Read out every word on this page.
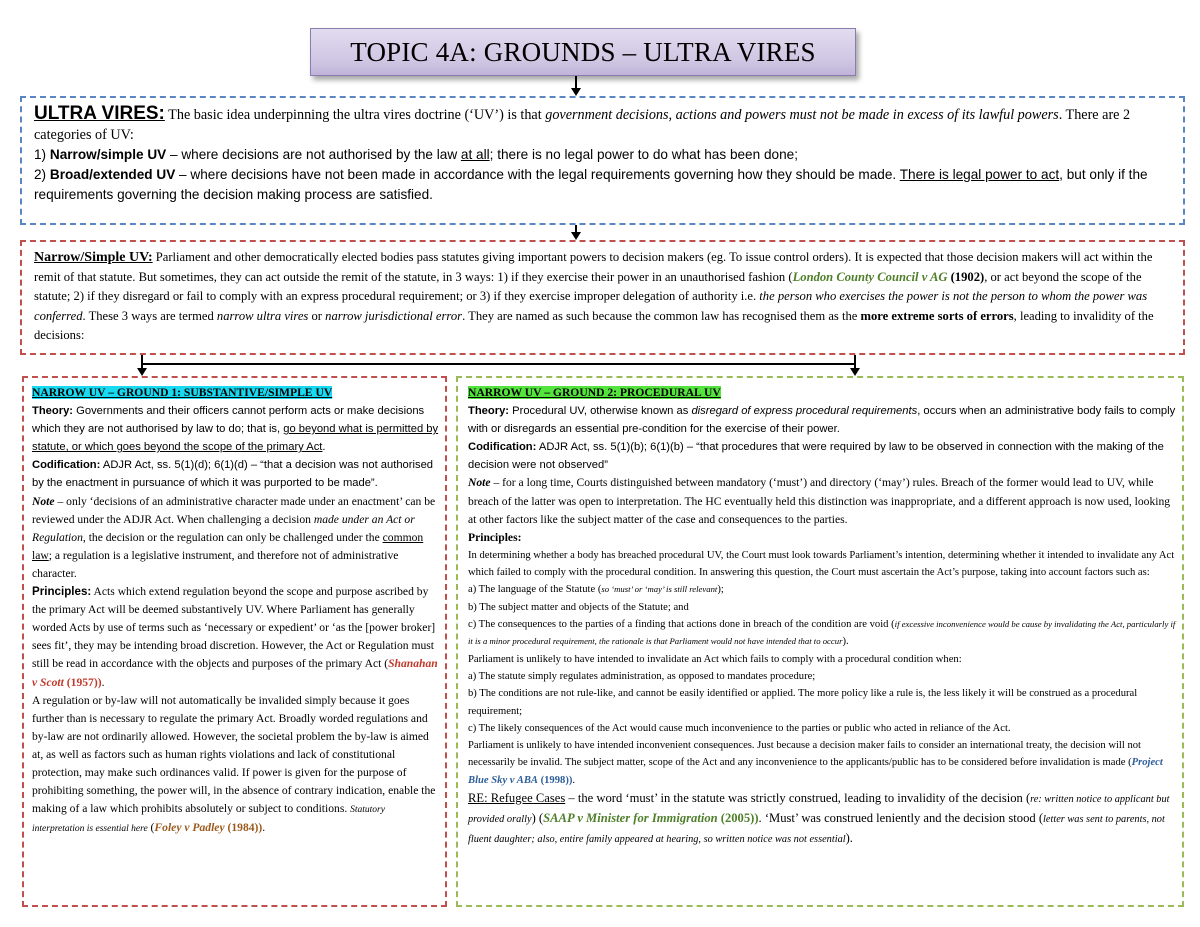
TOPIC 4A: GROUNDS – ULTRA VIRES

ULTRA VIRES: The basic idea underpinning the ultra vires doctrine (‘UV’) is that government decisions, actions and powers must not be made in excess of its lawful powers. There are 2 categories of UV:

1) Narrow/simple UV – where decisions are not authorised by the law at all; there is no legal power to do what has been done;

2) Broad/extended UV – where decisions have not been made in accordance with the legal requirements governing how they should be made. There is legal power to act, but only if the requirements governing the decision making process are satisfied.

Narrow/Simple UV: Parliament and other democratically elected bodies pass statutes giving important powers to decision makers (eg. To issue control orders). It is expected that those decision makers will act within the remit of that statute. But sometimes, they can act outside the remit of the statute, in 3 ways: 1) if they exercise their power in an unauthorised fashion (London County Council v AG (1902), or act beyond the scope of the statute; 2) if they disregard or fail to comply with an express procedural requirement; or 3) if they exercise improper delegation of authority i.e. the person who exercises the power is not the person to whom the power was conferred. These 3 ways are termed narrow ultra vires or narrow jurisdictional error. They are named as such because the common law has recognised them as the more extreme sorts of errors, leading to invalidity of the decisions:

NARROW UV – GROUND 1: SUBSTANTIVE/SIMPLE UV

Theory: Governments and their officers cannot perform acts or make decisions which they are not authorised by law to do; that is, go beyond what is permitted by statute, or which goes beyond the scope of the primary Act.

Codification: ADJR Act, ss. 5(1)(d); 6(1)(d) – “that a decision was not authorised by the enactment in pursuance of which it was purported to be made”.

Note – only ‘decisions of an administrative character made under an enactment’ can be reviewed under the ADJR Act. When challenging a decision made under an Act or Regulation, the decision or the regulation can only be challenged under the common law; a regulation is a legislative instrument, and therefore not of administrative character.

Principles: Acts which extend regulation beyond the scope and purpose ascribed by the primary Act will be deemed substantively UV. Where Parliament has generally worded Acts by use of terms such as ‘necessary or expedient’ or ‘as the [power broker] sees fit’, they may be intending broad discretion. However, the Act or Regulation must still be read in accordance with the objects and purposes of the primary Act (Shanahan v Scott (1957)).

A regulation or by-law will not automatically be invalided simply because it goes further than is necessary to regulate the primary Act. Broadly worded regulations and by-law are not ordinarily allowed. However, the societal problem the by-law is aimed at, as well as factors such as human rights violations and lack of constitutional protection, may make such ordinances valid. If power is given for the purpose of prohibiting something, the power will, in the absence of contrary indication, enable the making of a law which prohibits absolutely or subject to conditions. Statutory interpretation is essential here (Foley v Padley (1984)).

NARROW UV – GROUND 2: PROCEDURAL UV

Theory: Procedural UV, otherwise known as disregard of express procedural requirements, occurs when an administrative body fails to comply with or disregards an essential pre-condition for the exercise of their power.

Codification: ADJR Act, ss. 5(1)(b); 6(1)(b) – “that procedures that were required by law to be observed in connection with the making of the decision were not observed”

Note – for a long time, Courts distinguished between mandatory (‘must’) and directory (‘may’) rules. Breach of the former would lead to UV, while breach of the latter was open to interpretation. The HC eventually held this distinction was inappropriate, and a different approach is now used, looking at other factors like the subject matter of the case and consequences to the parties.

Principles:

In determining whether a body has breached procedural UV, the Court must look towards Parliament’s intention, determining whether it intended to invalidate any Act which failed to comply with the procedural condition. In answering this question, the Court must ascertain the Act’s purpose, taking into account factors such as:

a) The language of the Statute (so ‘must’ or ‘may’ is still relevant);

b) The subject matter and objects of the Statute; and

c) The consequences to the parties of a finding that actions done in breach of the condition are void (if excessive inconvenience would be cause by invalidating the Act, particularly if it is a minor procedural requirement, the rationale is that Parliament would not have intended that to occur).

Parliament is unlikely to have intended to invalidate an Act which fails to comply with a procedural condition when:

a) The statute simply regulates administration, as opposed to mandates procedure;

b) The conditions are not rule-like, and cannot be easily identified or applied. The more policy like a rule is, the less likely it will be construed as a procedural requirement;

c) The likely consequences of the Act would cause much inconvenience to the parties or public who acted in reliance of the Act.

Parliament is unlikely to have intended inconvenient consequences. Just because a decision maker fails to consider an international treaty, the decision will not necessarily be invalid. The subject matter, scope of the Act and any inconvenience to the applicants/public has to be considered before invalidation is made (Project Blue Sky v ABA (1998)).

RE: Refugee Cases – the word ‘must’ in the statute was strictly construed, leading to invalidity of the decision (re: written notice to applicant but provided orally) (SAAP v Minister for Immigration (2005)). ‘Must’ was construed leniently and the decision stood (letter was sent to parents, not fluent daughter; also, entire family appeared at hearing, so written notice was not essential).
